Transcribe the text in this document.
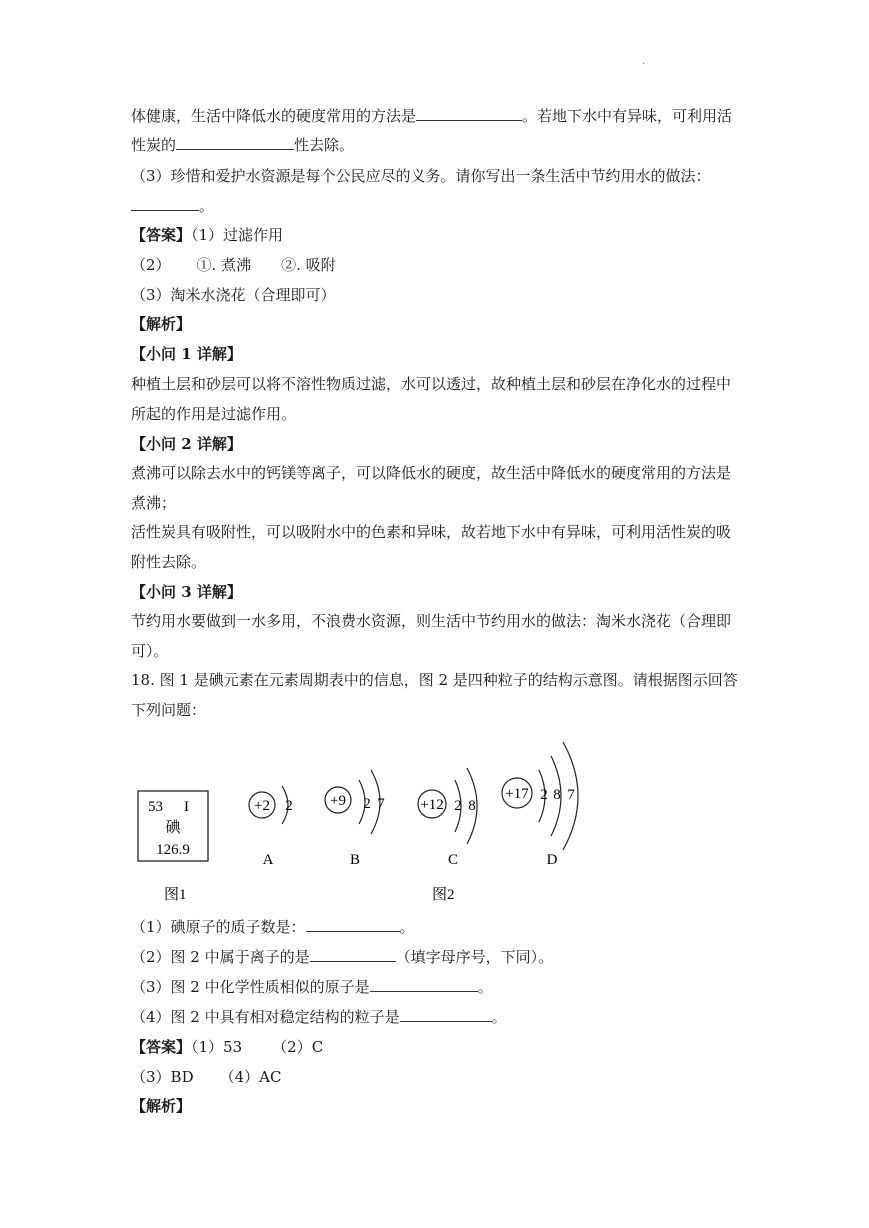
.
体健康，生活中降低水的硬度常用的方法是	。若地下水中有异味，可利用活
性炭的	性去除。
（3）珍惜和爱护水资源是每个公民应尽的义务。请你写出一条生活中节约用水的做法：
。
【答案】（1）过滤作用
（2） ①. 煮沸 ②. 吸附
（3）淘米水浇花（合理即可）
【解析】
【小问 1 详解】
种植土层和砂层可以将不溶性物质过滤，水可以透过，故种植土层和砂层在净化水的过程中
所起的作用是过滤作用。
【小问 2 详解】
煮沸可以除去水中的钙镁等离子，可以降低水的硬度，故生活中降低水的硬度常用的方法是
煮沸；
活性炭具有吸附性，可以吸附水中的色素和异味，故若地下水中有异味，可利用活性炭的吸
附性去除。
【小问 3 详解】
节约用水要做到一水多用，不浪费水资源，则生活中节约用水的做法：淘米水浇花（合理即
可）。
18. 图 1 是碘元素在元素周期表中的信息，图 2 是四种粒子的结构示意图。请根据图示回答
下列问题：
53 I
碘
126.9
图1
+2 2
A
+9 2 7
B
+12 2 8
C
+17 2 8 7
D
图2
（1）碘原子的质子数是：	。
（2）图 2 中属于离子的是	（填字母序号，下同）。
（3）图 2 中化学性质相似的原子是	。
（4）图 2 中具有相对稳定结构的粒子是	。
【答案】（1）53 （2）C
（3）BD （4）AC
【解析】
